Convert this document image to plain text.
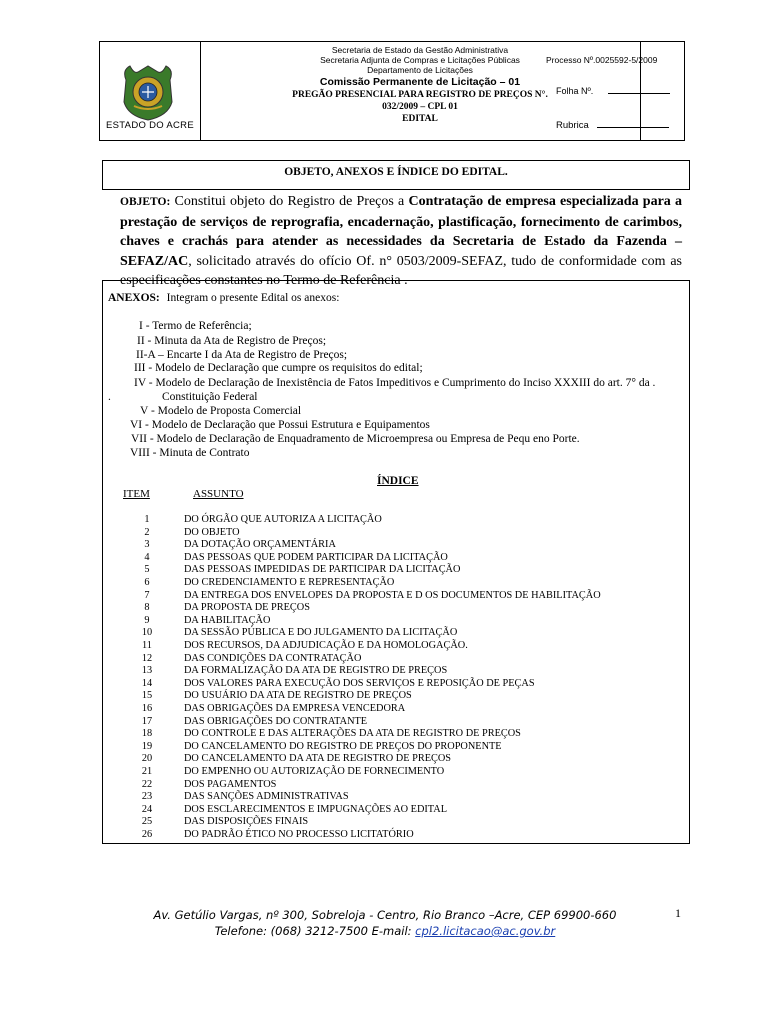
ESTADO DO ACRE
Secretaria de Estado da Gestão Administrativa
Secretaria Adjunta de Compras e Licitações Públicas
Departamento de Licitações
Comissão Permanente de Licitação – 01
PREGÃO PRESENCIAL PARA REGISTRO DE PREÇOS N°.
032/2009 – CPL 01
EDITAL
Processo Nº.0025592-5/2009
Folha Nº.
Rubrica
OBJETO, ANEXOS E ÍNDICE DO EDITAL.
OBJETO: Constitui objeto do Registro de Preços a Contratação de empresa especializada para a prestação de serviços de reprografia, encadernação, plastificação, fornecimento de carimbos, chaves e crachás para atender as necessidades da Secretaria de Estado da Fazenda – SEFAZ/AC, solicitado através do ofício Of. n° 0503/2009-SEFAZ, tudo de conformidade com as especificações constantes no Termo de Referência .
ANEXOS: Integram o presente Edital os anexos:
I - Termo de Referência;
II - Minuta da Ata de Registro de Preços;
II-A – Encarte I da Ata de Registro de Preços;
III - Modelo de Declaração que cumpre os requisitos do edital;
IV - Modelo de Declaração de Inexistência de Fatos Impeditivos e Cumprimento do Inciso XXXIII do art. 7° da .
.	Constituição Federal
V - Modelo de Proposta Comercial
VI - Modelo de Declaração que Possui Estrutura e Equipamentos
VII - Modelo de Declaração de Enquadramento de Microempresa ou Empresa de Pequ eno Porte.
VIII - Minuta de Contrato
ÍNDICE
ITEM	ASSUNTO
1	DO ÓRGÃO QUE AUTORIZA A LICITAÇÃO
2	DO OBJETO
3	DA DOTAÇÃO ORÇAMENTÁRIA
4	DAS PESSOAS QUE PODEM PARTICIPAR DA LICITAÇÃO
5	DAS PESSOAS IMPEDIDAS DE PARTICIPAR DA LICITAÇÃO
6	DO CREDENCIAMENTO E REPRESENTAÇÃO
7	DA ENTREGA DOS ENVELOPES DA PROPOSTA E D OS DOCUMENTOS DE HABILITAÇÃO
8	DA PROPOSTA DE PREÇOS
9	DA HABILITAÇÃO
10	DA SESSÃO PÚBLICA E DO JULGAMENTO DA LICITAÇÃO
11	DOS RECURSOS, DA ADJUDICAÇÃO E DA HOMOLOGAÇÃO.
12	DAS CONDIÇÕES DA CONTRATAÇÃO
13	DA FORMALIZAÇÃO DA ATA DE REGISTRO DE PREÇOS
14	DOS VALORES PARA EXECUÇÃO DOS SERVIÇOS E REPOSIÇÃO DE PEÇAS
15	DO USUÁRIO DA ATA DE REGISTRO DE PREÇOS
16	DAS OBRIGAÇÕES DA EMPRESA VENCEDORA
17	DAS OBRIGAÇÕES DO CONTRATANTE
18	DO CONTROLE E DAS ALTERAÇÕES DA ATA DE REGISTRO DE PREÇOS
19	DO CANCELAMENTO DO REGISTRO DE PREÇOS DO PROPONENTE
20	DO CANCELAMENTO DA ATA DE REGISTRO DE PREÇOS
21	DO EMPENHO OU AUTORIZAÇÃO DE FORNECIMENTO
22	DOS PAGAMENTOS
23	DAS SANÇÕES ADMINISTRATIVAS
24	DOS ESCLARECIMENTOS E IMPUGNAÇÕES AO EDITAL
25	DAS DISPOSIÇÕES FINAIS
26	DO PADRÃO ÉTICO NO PROCESSO LICITATÓRIO
Av. Getúlio Vargas, nº 300, Sobreloja - Centro, Rio Branco –Acre, CEP 69900-660
Telefone: (068) 3212-7500 E-mail: cpl2.licitacao@ac.gov.br
1
